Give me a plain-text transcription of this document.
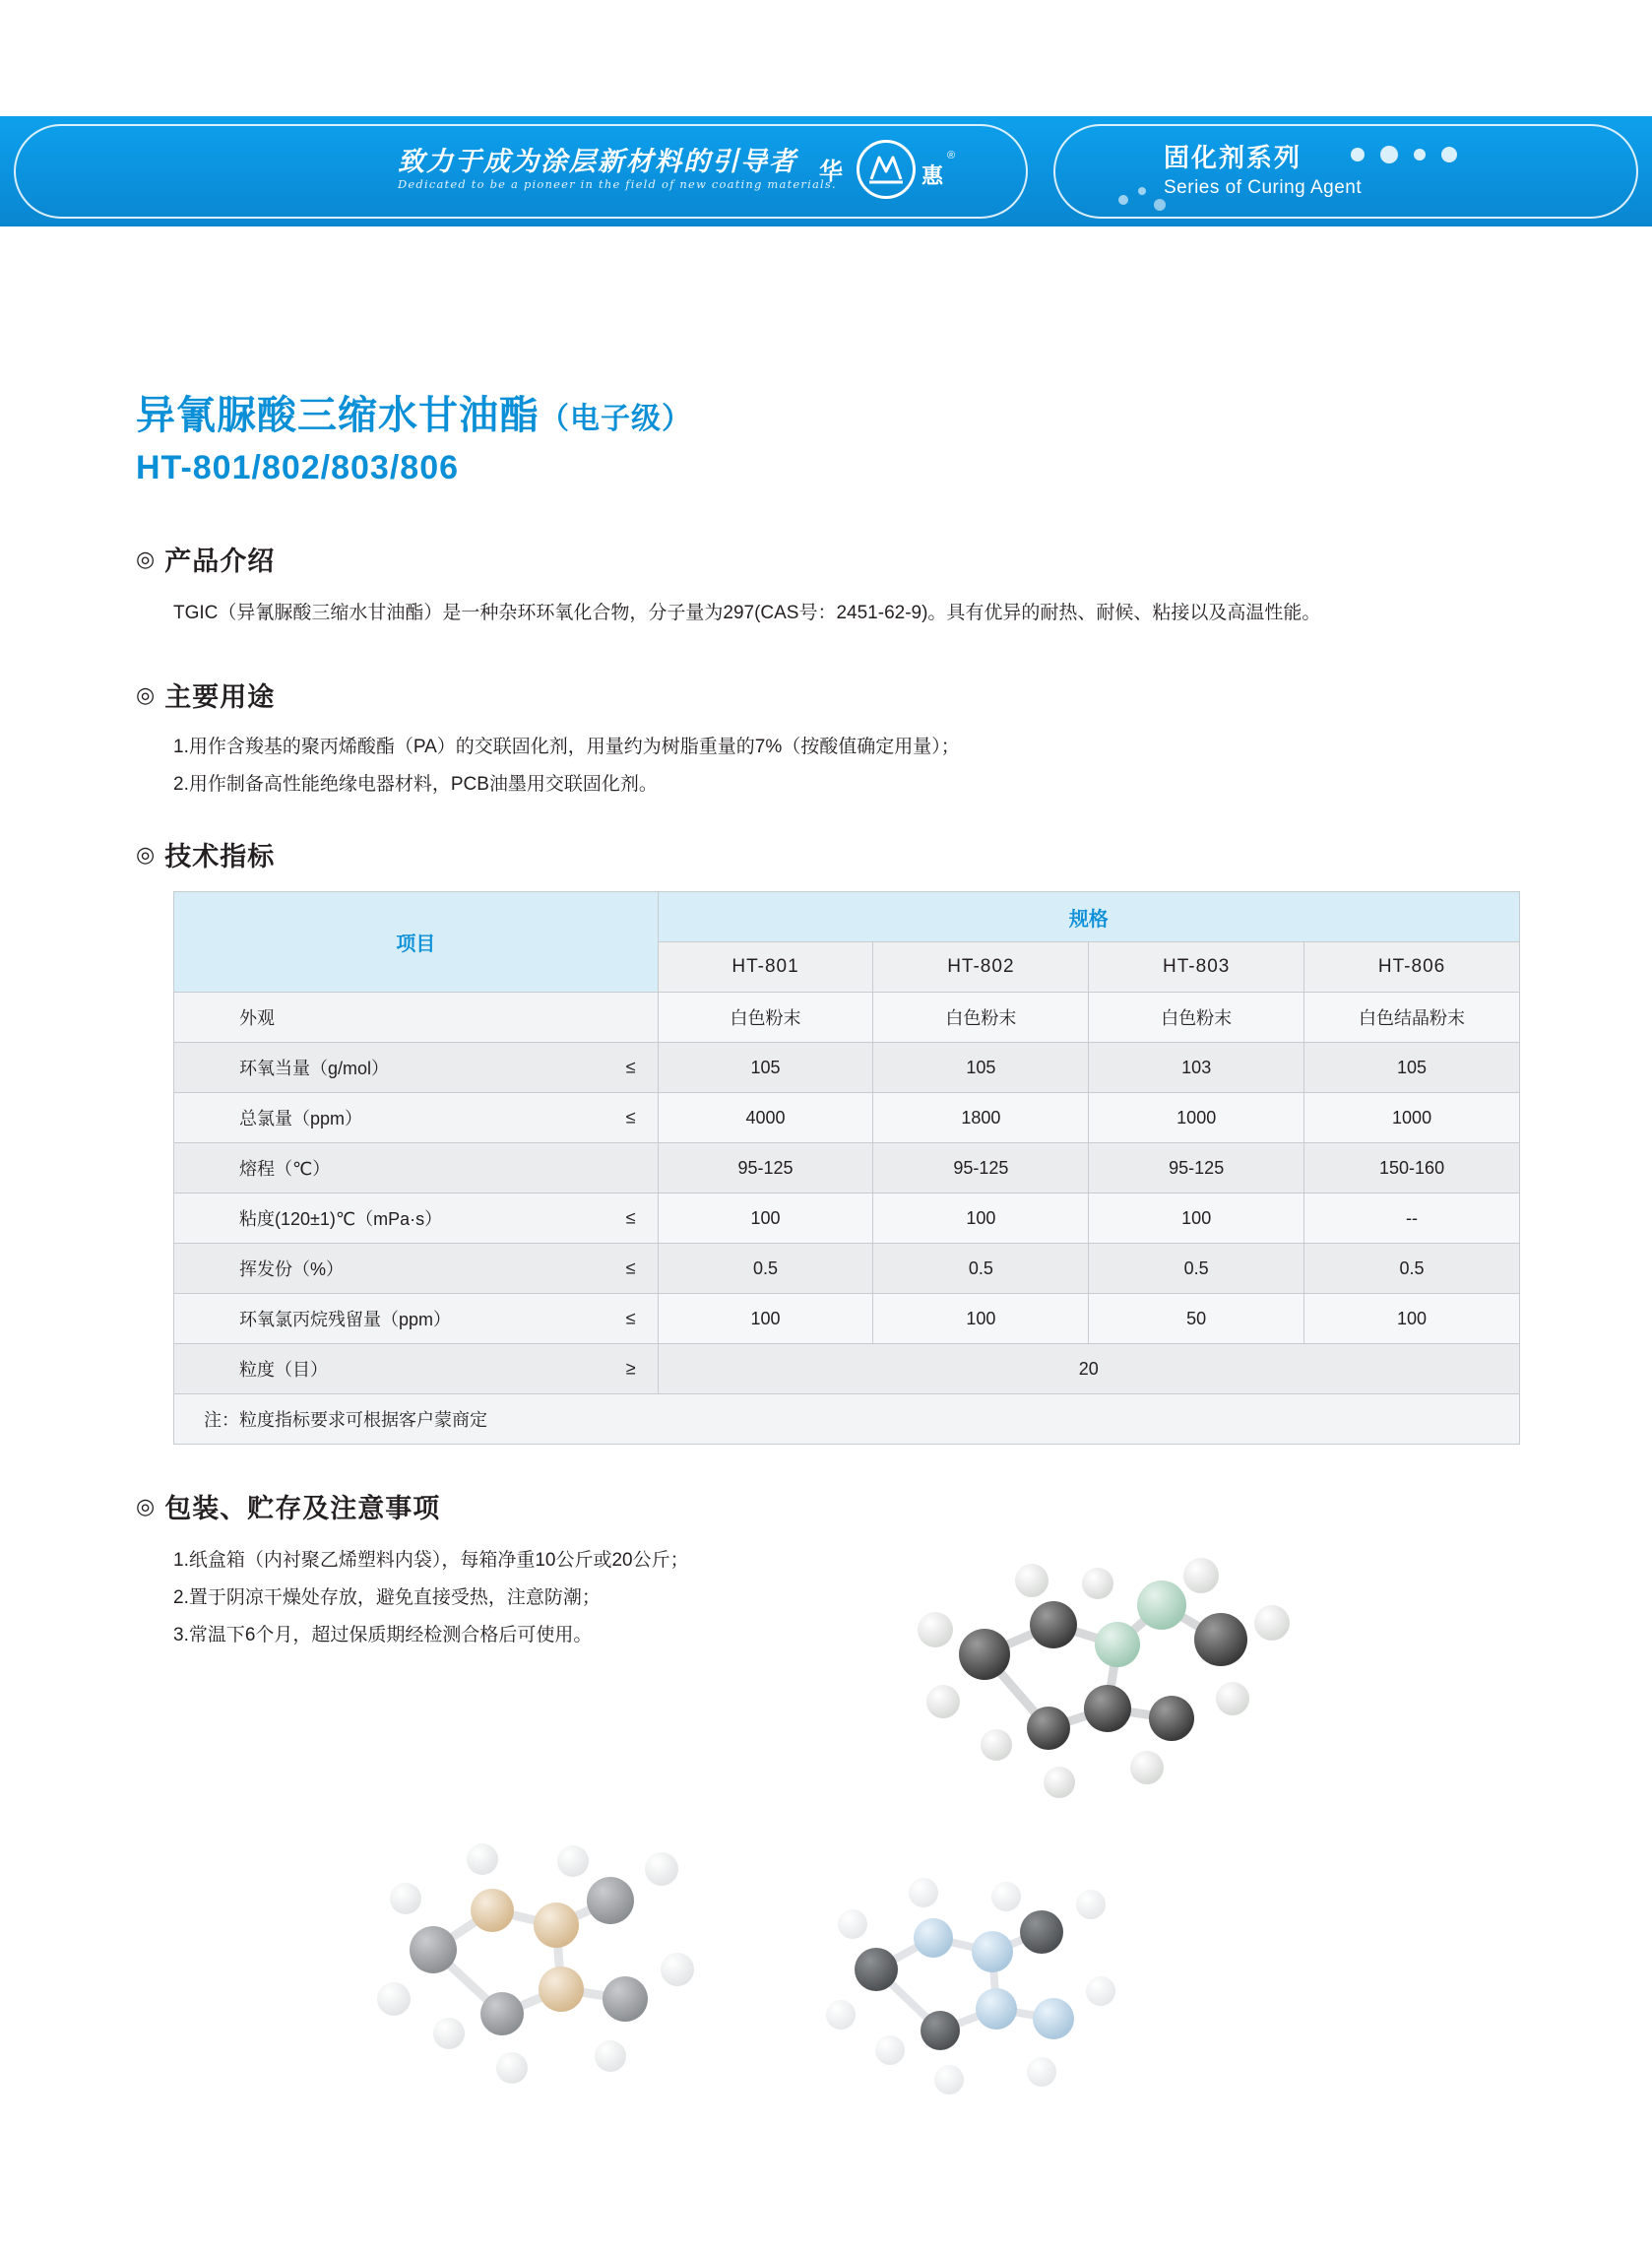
致力于成为涂层新材料的引导者
Dedicated to be a pioneer in the field of new coating materials.
华	惠
®	固化剂系列
Series of Curing Agent
异氰脲酸三缩水甘油酯（电子级）
HT-801/802/803/806
◎ 产品介绍
TGIC（异氰脲酸三缩水甘油酯）是一种杂环环氧化合物，分子量为297(CAS号：2451-62-9)。具有优异的耐热、耐候、粘接以及高温性能。
◎ 主要用途
1.用作含羧基的聚丙烯酸酯（PA）的交联固化剂，用量约为树脂重量的7%（按酸值确定用量）；
2.用作制备高性能绝缘电器材料，PCB油墨用交联固化剂。
◎ 技术指标
项目	规格			
	HT-801	HT-802	HT-803	HT-806
外观	白色粉末	白色粉末	白色粉末	白色结晶粉末
环氧当量（g/mol） ≤	105	105	103	105
总氯量（ppm） ≤	4000	1800	1000	1000
熔程（℃）	95-125	95-125	95-125	150-160
粘度(120±1)℃（mPa·s） ≤	100	100	100	--
挥发份（%） ≤	0.5	0.5	0.5	0.5
环氧氯丙烷残留量（ppm） ≤	100	100	50	100
粒度（目） ≥	20			
注：粒度指标要求可根据客户蒙商定				
◎ 包装、贮存及注意事项
1.纸盒箱（内衬聚乙烯塑料内袋），每箱净重10公斤或20公斤；
2.置于阴凉干燥处存放，避免直接受热，注意防潮；
3.常温下6个月，超过保质期经检测合格后可使用。
